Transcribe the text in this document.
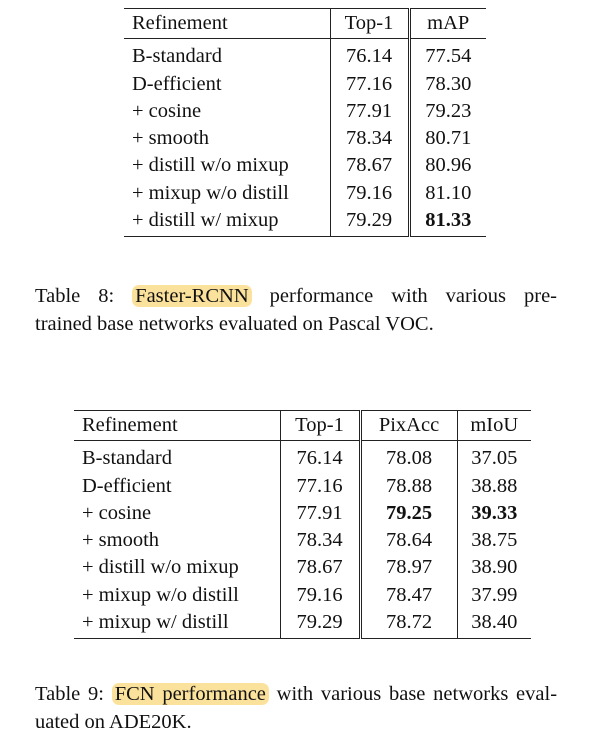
Refinement	Top-1	mAP
B-standard	76.14	77.54
D-efficient	77.16	78.30
+ cosine	77.91	79.23
+ smooth	78.34	80.71
+ distill w/o mixup	78.67	80.96
+ mixup w/o distill	79.16	81.10
+ distill w/ mixup	79.29	81.33
Table 8: Faster-RCNN performance with various pre-
trained base networks evaluated on Pascal VOC.
Refinement	Top-1	PixAcc	mIoU
B-standard	76.14	78.08	37.05
D-efficient	77.16	78.88	38.88
+ cosine	77.91	79.25	39.33
+ smooth	78.34	78.64	38.75
+ distill w/o mixup	78.67	78.97	38.90
+ mixup w/o distill	79.16	78.47	37.99
+ mixup w/ distill	79.29	78.72	38.40
Table 9: FCN performance with various base networks eval-
uated on ADE20K.
